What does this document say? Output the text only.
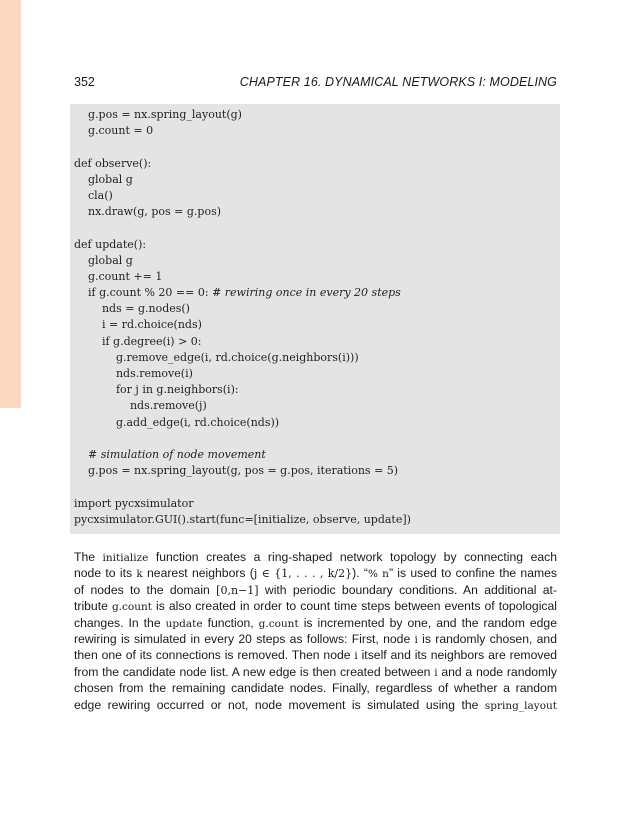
352	CHAPTER 16. DYNAMICAL NETWORKS I: MODELING
g.pos = nx.spring_layout(g)
g.count = 0
def observe():
global g
cla()
nx.draw(g, pos = g.pos)
def update():
global g
g.count += 1
if g.count % 20 == 0: # rewiring once in every 20 steps
nds = g.nodes()
i = rd.choice(nds)
if g.degree(i) > 0:
g.remove_edge(i, rd.choice(g.neighbors(i)))
nds.remove(i)
for j in g.neighbors(i):
nds.remove(j)
g.add_edge(i, rd.choice(nds))
# simulation of node movement
g.pos = nx.spring_layout(g, pos = g.pos, iterations = 5)
import pycxsimulator
pycxsimulator.GUI().start(func=[initialize, observe, update])
The initialize function creates a ring-shaped network topology by connecting each
node to its k nearest neighbors (j ∈ {1, . . . , k/2}). “% n” is used to confine the names
of nodes to the domain [0,n−1] with periodic boundary conditions. An additional at-
tribute g.count is also created in order to count time steps between events of topological
changes. In the update function, g.count is incremented by one, and the random edge
rewiring is simulated in every 20 steps as follows: First, node i is randomly chosen, and
then one of its connections is removed. Then node i itself and its neighbors are removed
from the candidate node list. A new edge is then created between i and a node randomly
chosen from the remaining candidate nodes. Finally, regardless of whether a random
edge rewiring occurred or not, node movement is simulated using the spring_layout
